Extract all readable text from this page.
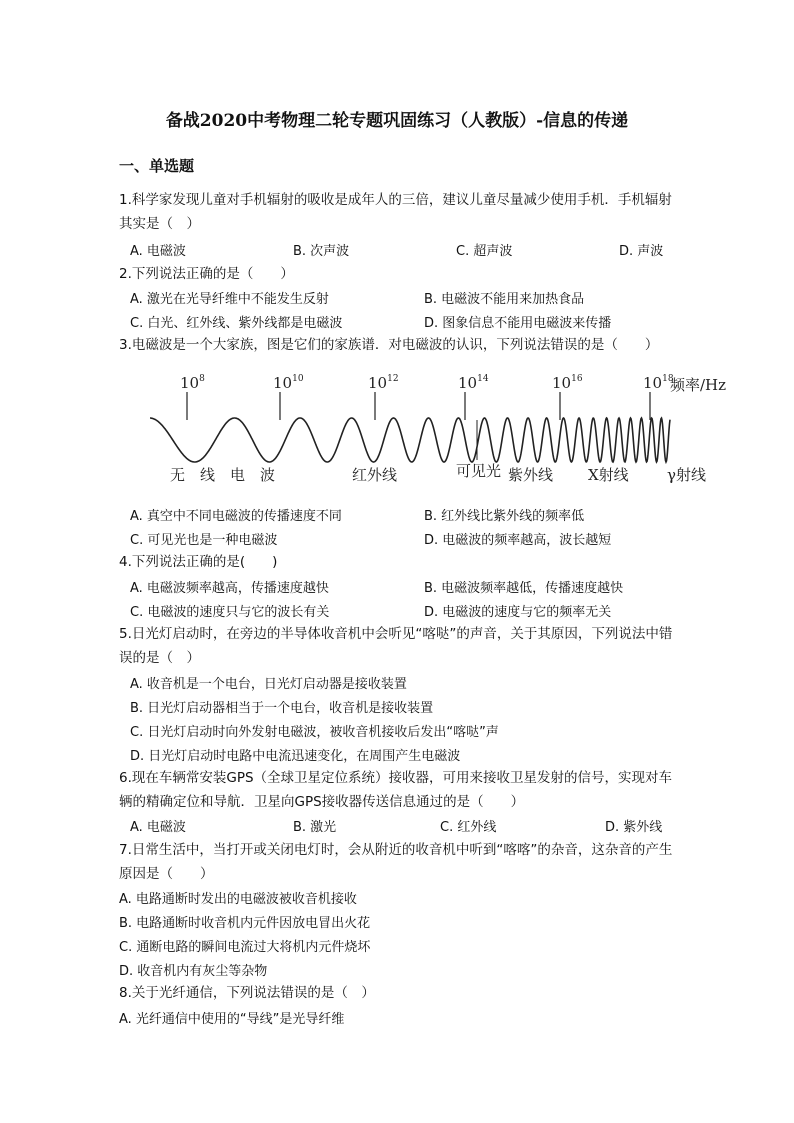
备战2020中考物理二轮专题巩固练习（人教版）-信息的传递
一、单选题
1.科学家发现儿童对手机辐射的吸收是成年人的三倍，建议儿童尽量减少使用手机．手机辐射其实是（　）
A. 电磁波	B. 次声波	C. 超声波	D. 声波
2.下列说法正确的是（　　）
A. 激光在光导纤维中不能发生反射	B. 电磁波不能用来加热食品
C. 白光、红外线、紫外线都是电磁波	D. 图象信息不能用电磁波来传播
3.电磁波是一个大家族，图是它们的家族谱．对电磁波的认识，下列说法错误的是（　　）
$10^8$	$10^{10}$	$10^{12}$	$10^{14}$	$10^{16}$	$10^{18}$
频率/Hz
无　线　电　波	红外线	可见光 紫外线 X射线	γ射线
A. 真空中不同电磁波的传播速度不同	B. 红外线比紫外线的频率低
C. 可见光也是一种电磁波	D. 电磁波的频率越高，波长越短
4.下列说法正确的是(　　)
A. 电磁波频率越高，传播速度越快	B. 电磁波频率越低，传播速度越快
C. 电磁波的速度只与它的波长有关	D. 电磁波的速度与它的频率无关
5.日光灯启动时，在旁边的半导体收音机中会听见“喀哒”的声音，关于其原因，下列说法中错误的是（　）
A. 收音机是一个电台，日光灯启动器是接收装置
B. 日光灯启动器相当于一个电台，收音机是接收装置
C. 日光灯启动时向外发射电磁波，被收音机接收后发出“喀哒”声
D. 日光灯启动时电路中电流迅速变化，在周围产生电磁波
6.现在车辆常安装GPS（全球卫星定位系统）接收器，可用来接收卫星发射的信号，实现对车辆的精确定位和导航．卫星向GPS接收器传送信息通过的是（　　）
A. 电磁波	B. 激光	C. 红外线	D. 紫外线
7.日常生活中，当打开或关闭电灯时，会从附近的收音机中听到“喀喀”的杂音，这杂音的产生原因是（　　）
A. 电路通断时发出的电磁波被收音机接收
B. 电路通断时收音机内元件因放电冒出火花
C. 通断电路的瞬间电流过大将机内元件烧坏
D. 收音机内有灰尘等杂物
8.关于光纤通信，下列说法错误的是（　）
A. 光纤通信中使用的“导线”是光导纤维
